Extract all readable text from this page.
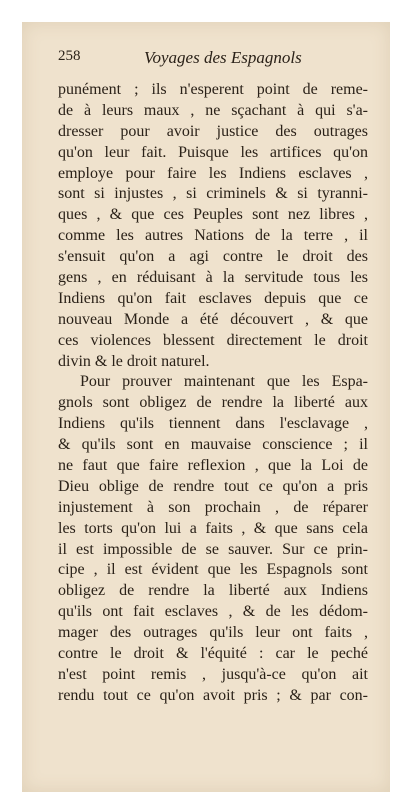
258	Voyages des Espagnols
punément ; ils n'esperent point de reme-
de à leurs maux , ne sçachant à qui s'a-
dresser pour avoir justice des outrages
qu'on leur fait. Puisque les artifices qu'on
employe pour faire les Indiens esclaves ,
sont si injustes , si criminels & si tyranni-
ques , & que ces Peuples sont nez libres ,
comme les autres Nations de la terre , il
s'ensuit qu'on a agi contre le droit des
gens , en réduisant à la servitude tous les
Indiens qu'on fait esclaves depuis que ce
nouveau Monde a été découvert , & que
ces violences blessent directement le droit
divin & le droit naturel.
Pour prouver maintenant que les Espa-
gnols sont obligez de rendre la liberté aux
Indiens qu'ils tiennent dans l'esclavage ,
& qu'ils sont en mauvaise conscience ; il
ne faut que faire reflexion , que la Loi de
Dieu oblige de rendre tout ce qu'on a pris
injustement à son prochain , de réparer
les torts qu'on lui a faits , & que sans cela
il est impossible de se sauver. Sur ce prin-
cipe , il est évident que les Espagnols sont
obligez de rendre la liberté aux Indiens
qu'ils ont fait esclaves , & de les dédom-
mager des outrages qu'ils leur ont faits ,
contre le droit & l'équité : car le peché
n'est point remis , jusqu'à-ce qu'on ait
rendu tout ce qu'on avoit pris ; & par con-
